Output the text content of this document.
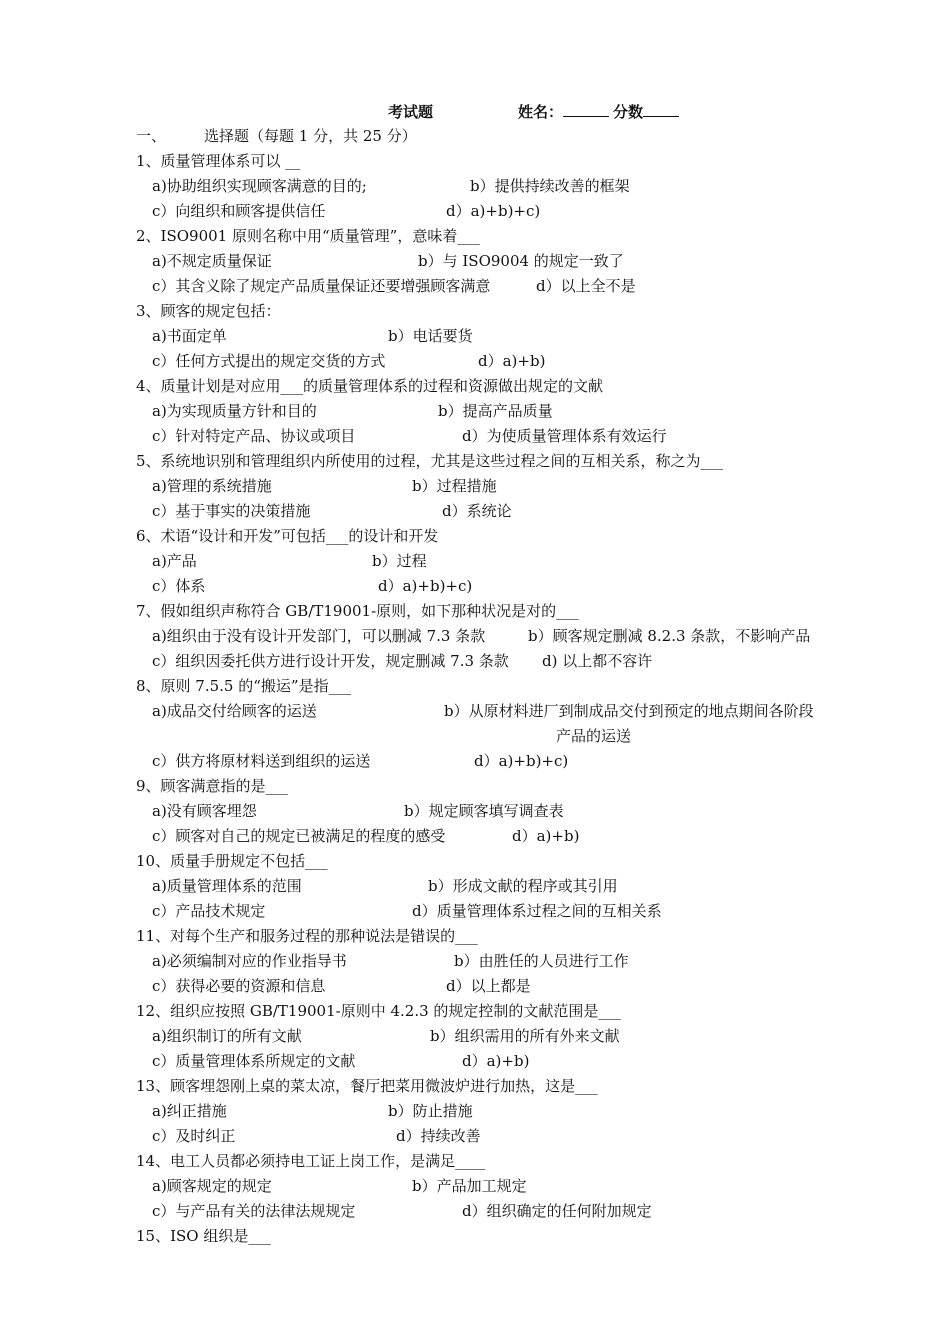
考试题	姓名：	分数
一、	选择题（每题 1 分，共 25 分）
1、质量管理体系可以 __
a)协助组织实现顾客满意的目的;	b）提供持续改善的框架
c）向组织和顾客提供信任	d）a)+b)+c)
2、ISO9001 原则名称中用“质量管理”，意味着___
a)不规定质量保证	b）与 ISO9004 的规定一致了
c）其含义除了规定产品质量保证还要增强顾客满意	d）以上全不是
3、顾客的规定包括：
a)书面定单	b）电话要货
c）任何方式提出的规定交货的方式	d）a)+b)
4、质量计划是对应用___的质量管理体系的过程和资源做出规定的文献
a)为实现质量方针和目的	b）提高产品质量
c）针对特定产品、协议或项目	d）为使质量管理体系有效运行
5、系统地识别和管理组织内所使用的过程，尤其是这些过程之间的互相关系，称之为___
a)管理的系统措施	b）过程措施
c）基于事实的决策措施	d）系统论
6、术语“设计和开发”可包括___的设计和开发
a)产品	b）过程
c）体系	d）a)+b)+c)
7、假如组织声称符合 GB/T19001-原则，如下那种状况是对的___
a)组织由于没有设计开发部门，可以删减 7.3 条款	b）顾客规定删减 8.2.3 条款，不影响产品
c）组织因委托供方进行设计开发，规定删减 7.3 条款 d) 以上都不容许
8、原则 7.5.5 的“搬运”是指___
a)成品交付给顾客的运送	b）从原材料进厂到制成品交付到预定的地点期间各阶段
产品的运送
c）供方将原材料送到组织的运送	d）a)+b)+c)
9、顾客满意指的是___
a)没有顾客埋怨	b）规定顾客填写调查表
c）顾客对自己的规定已被满足的程度的感受	d）a)+b)
10、质量手册规定不包括___
a)质量管理体系的范围	b）形成文献的程序或其引用
c）产品技术规定	d）质量管理体系过程之间的互相关系
11、对每个生产和服务过程的那种说法是错误的___
a)必须编制对应的作业指导书	b）由胜任的人员进行工作
c）获得必要的资源和信息	d）以上都是
12、组织应按照 GB/T19001-原则中 4.2.3 的规定控制的文献范围是___
a)组织制订的所有文献	b）组织需用的所有外来文献
c）质量管理体系所规定的文献	d）a)+b)
13、顾客埋怨刚上桌的菜太凉，餐厅把菜用微波炉进行加热，这是___
a)纠正措施	b）防止措施
c）及时纠正	d）持续改善
14、电工人员都必须持电工证上岗工作，是满足____
a)顾客规定的规定	b）产品加工规定
c）与产品有关的法律法规规定	d）组织确定的任何附加规定
15、ISO 组织是___
